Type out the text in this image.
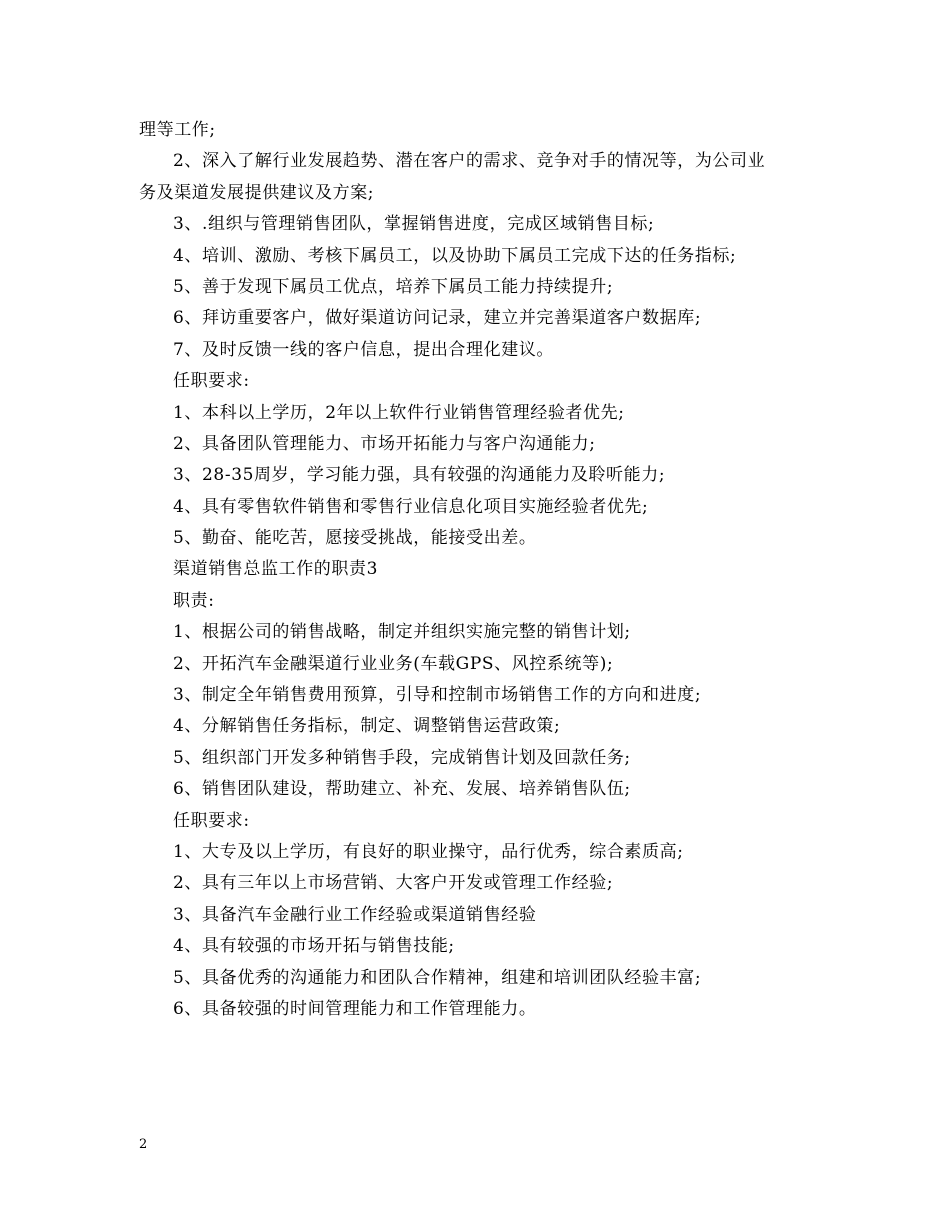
理等工作;
2、深入了解行业发展趋势、潜在客户的需求、竞争对手的情况等，为公司业
务及渠道发展提供建议及方案;
3、.组织与管理销售团队，掌握销售进度，完成区域销售目标;
4、培训、激励、考核下属员工，以及协助下属员工完成下达的任务指标;
5、善于发现下属员工优点，培养下属员工能力持续提升;
6、拜访重要客户，做好渠道访问记录，建立并完善渠道客户数据库;
7、及时反馈一线的客户信息，提出合理化建议。
任职要求:
1、本科以上学历，2年以上软件行业销售管理经验者优先;
2、具备团队管理能力、市场开拓能力与客户沟通能力;
3、28-35周岁，学习能力强，具有较强的沟通能力及聆听能力;
4、具有零售软件销售和零售行业信息化项目实施经验者优先;
5、勤奋、能吃苦，愿接受挑战，能接受出差。
渠道销售总监工作的职责3
职责:
1、根据公司的销售战略，制定并组织实施完整的销售计划;
2、开拓汽车金融渠道行业业务(车载GPS、风控系统等);
3、制定全年销售费用预算，引导和控制市场销售工作的方向和进度;
4、分解销售任务指标，制定、调整销售运营政策;
5、组织部门开发多种销售手段，完成销售计划及回款任务;
6、销售团队建设，帮助建立、补充、发展、培养销售队伍;
任职要求:
1、大专及以上学历，有良好的职业操守，品行优秀，综合素质高;
2、具有三年以上市场营销、大客户开发或管理工作经验;
3、具备汽车金融行业工作经验或渠道销售经验
4、具有较强的市场开拓与销售技能;
5、具备优秀的沟通能力和团队合作精神，组建和培训团队经验丰富;
6、具备较强的时间管理能力和工作管理能力。
2
